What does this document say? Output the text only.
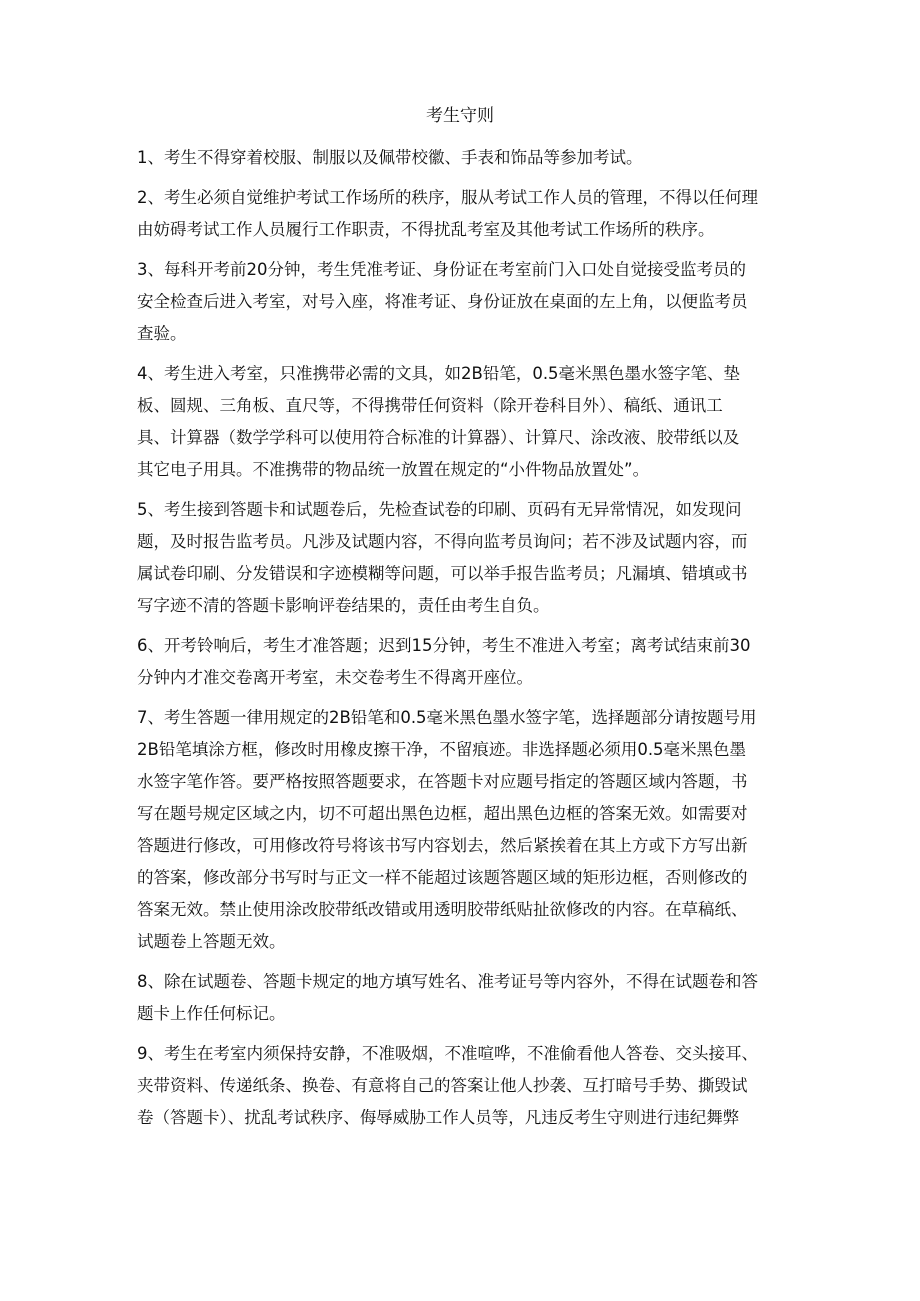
考生守则
1、考生不得穿着校服、制服以及佩带校徽、手表和饰品等参加考试。
2、考生必须自觉维护考试工作场所的秩序，服从考试工作人员的管理，不得以任何理
由妨碍考试工作人员履行工作职责，不得扰乱考室及其他考试工作场所的秩序。
3、每科开考前20分钟，考生凭准考证、身份证在考室前门入口处自觉接受监考员的
安全检查后进入考室，对号入座，将准考证、身份证放在桌面的左上角，以便监考员
查验。
4、考生进入考室，只准携带必需的文具，如2B铅笔，0.5毫米黑色墨水签字笔、垫
板、圆规、三角板、直尺等，不得携带任何资料（除开卷科目外）、稿纸、通讯工
具、计算器（数学学科可以使用符合标准的计算器）、计算尺、涂改液、胶带纸以及
其它电子用具。不准携带的物品统一放置在规定的“小件物品放置处”。
5、考生接到答题卡和试题卷后，先检查试卷的印刷、页码有无异常情况，如发现问
题，及时报告监考员。凡涉及试题内容，不得向监考员询问；若不涉及试题内容，而
属试卷印刷、分发错误和字迹模糊等问题，可以举手报告监考员；凡漏填、错填或书
写字迹不清的答题卡影响评卷结果的，责任由考生自负。
6、开考铃响后，考生才准答题；迟到15分钟，考生不准进入考室；离考试结束前30
分钟内才准交卷离开考室，未交卷考生不得离开座位。
7、考生答题一律用规定的2B铅笔和0.5毫米黑色墨水签字笔，选择题部分请按题号用
2B铅笔填涂方框，修改时用橡皮擦干净，不留痕迹。非选择题必须用0.5毫米黑色墨
水签字笔作答。要严格按照答题要求，在答题卡对应题号指定的答题区域内答题，书
写在题号规定区域之内，切不可超出黑色边框，超出黑色边框的答案无效。如需要对
答题进行修改，可用修改符号将该书写内容划去，然后紧挨着在其上方或下方写出新
的答案，修改部分书写时与正文一样不能超过该题答题区域的矩形边框，否则修改的
答案无效。禁止使用涂改胶带纸改错或用透明胶带纸贴扯欲修改的内容。在草稿纸、
试题卷上答题无效。
8、除在试题卷、答题卡规定的地方填写姓名、准考证号等内容外，不得在试题卷和答
题卡上作任何标记。
9、考生在考室内须保持安静，不准吸烟，不准喧哗，不准偷看他人答卷、交头接耳、
夹带资料、传递纸条、换卷、有意将自己的答案让他人抄袭、互打暗号手势、撕毁试
卷（答题卡）、扰乱考试秩序、侮辱威胁工作人员等，凡违反考生守则进行违纪舞弊
